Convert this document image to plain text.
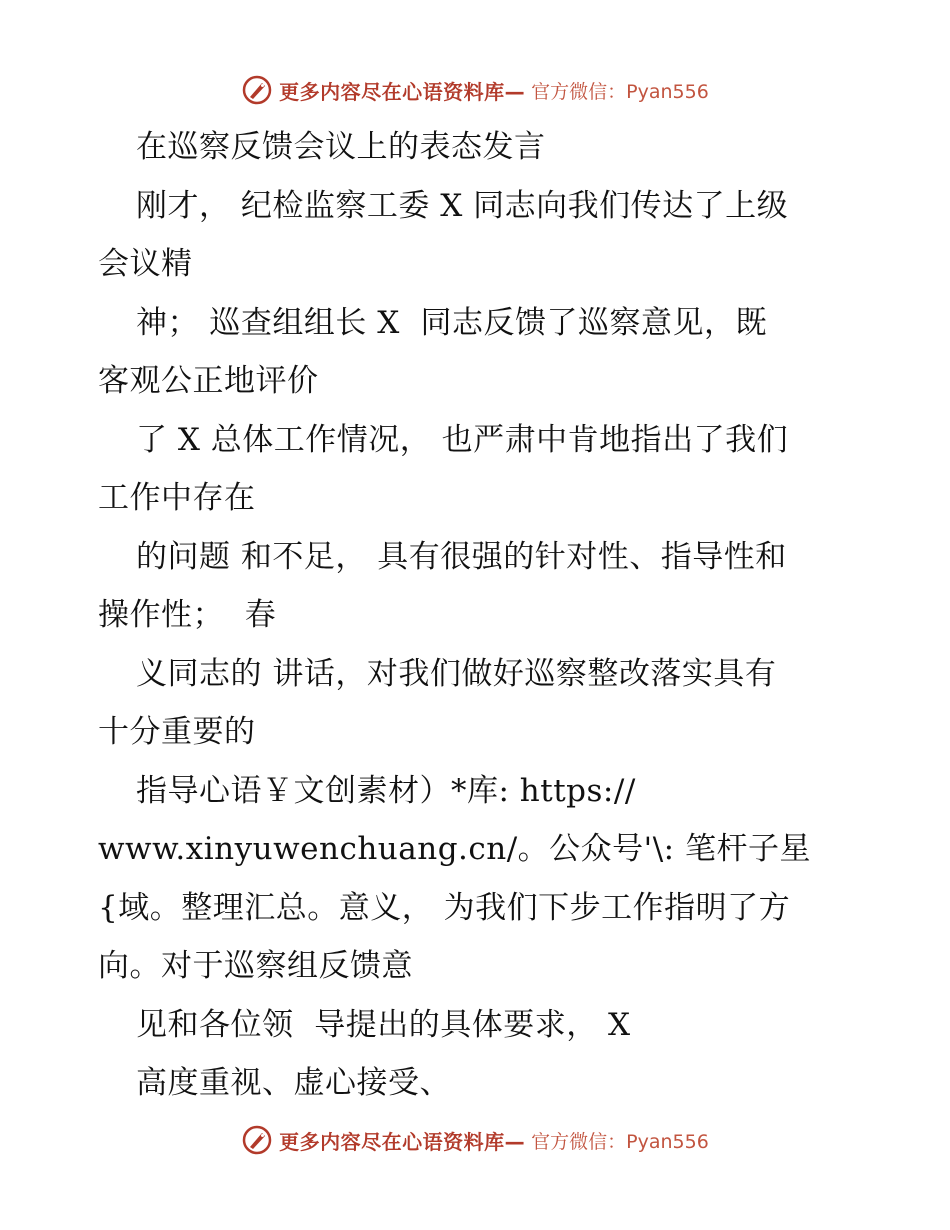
更多内容尽在心语资料库— 官方微信：Pyan556
在巡察反馈会议上的表态发言
刚才， 纪检监察工委 X 同志向我们传达了上级
会议精
神； 巡查组组长 X  同志反馈了巡察意见，既
客观公正地评价
了 X 总体工作情况， 也严肃中肯地指出了我们
工作中存在
的问题 和不足， 具有很强的针对性、指导性和
操作性；  春
义同志的 讲话，对我们做好巡察整改落实具有
十分重要的
指导心语￥文创素材）*库: https://
www.xinyuwenchuang.cn/。公众号'\: 笔杆子星
{域。整理汇总。意义， 为我们下步工作指明了方
向。对于巡察组反馈意
见和各位领  导提出的具体要求， X
高度重视、虚心接受、
更多内容尽在心语资料库— 官方微信：Pyan556
